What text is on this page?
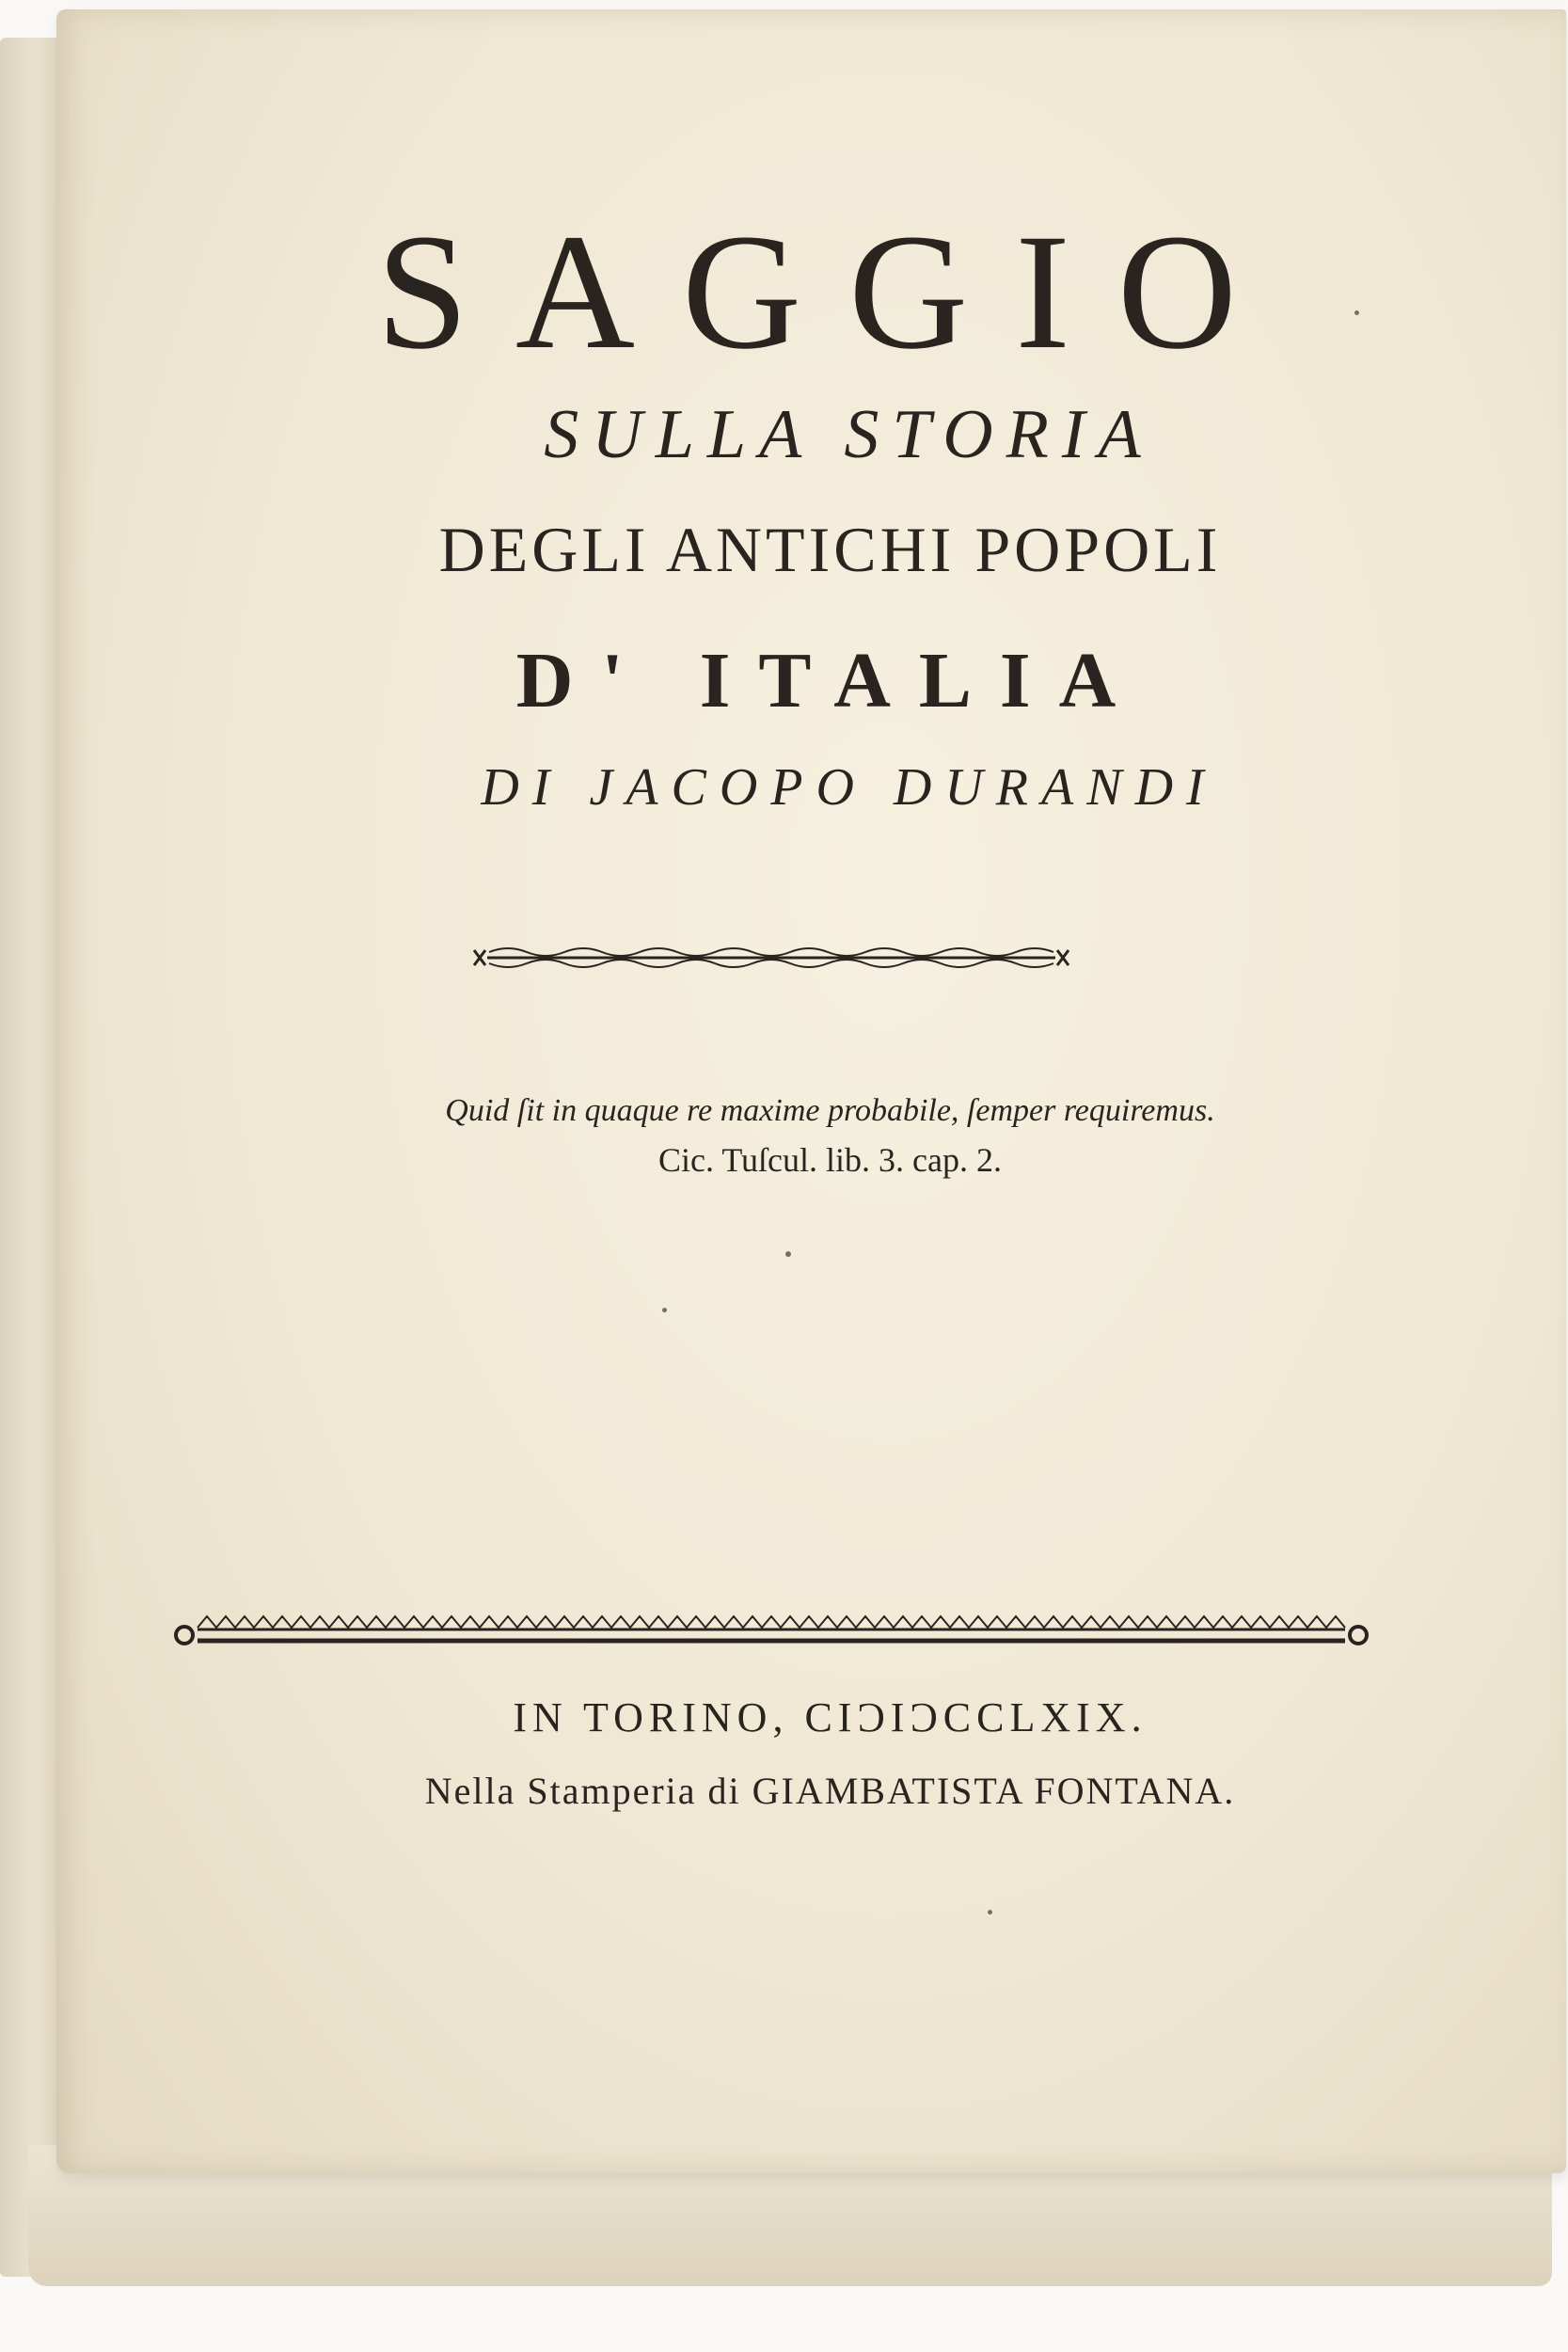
SAGGIO
SULLA STORIA
DEGLI ANTICHI POPOLI
D' ITALIA
DI JACOPO DURANDI
Quid ſit in quaque re maxime probabile, ſemper requiremus.
Cic. Tuſcul. lib. 3. cap. 2.
IN TORINO, CIƆIƆCCLXIX.
Nella Stamperia di GIAMBATISTA FONTANA.
